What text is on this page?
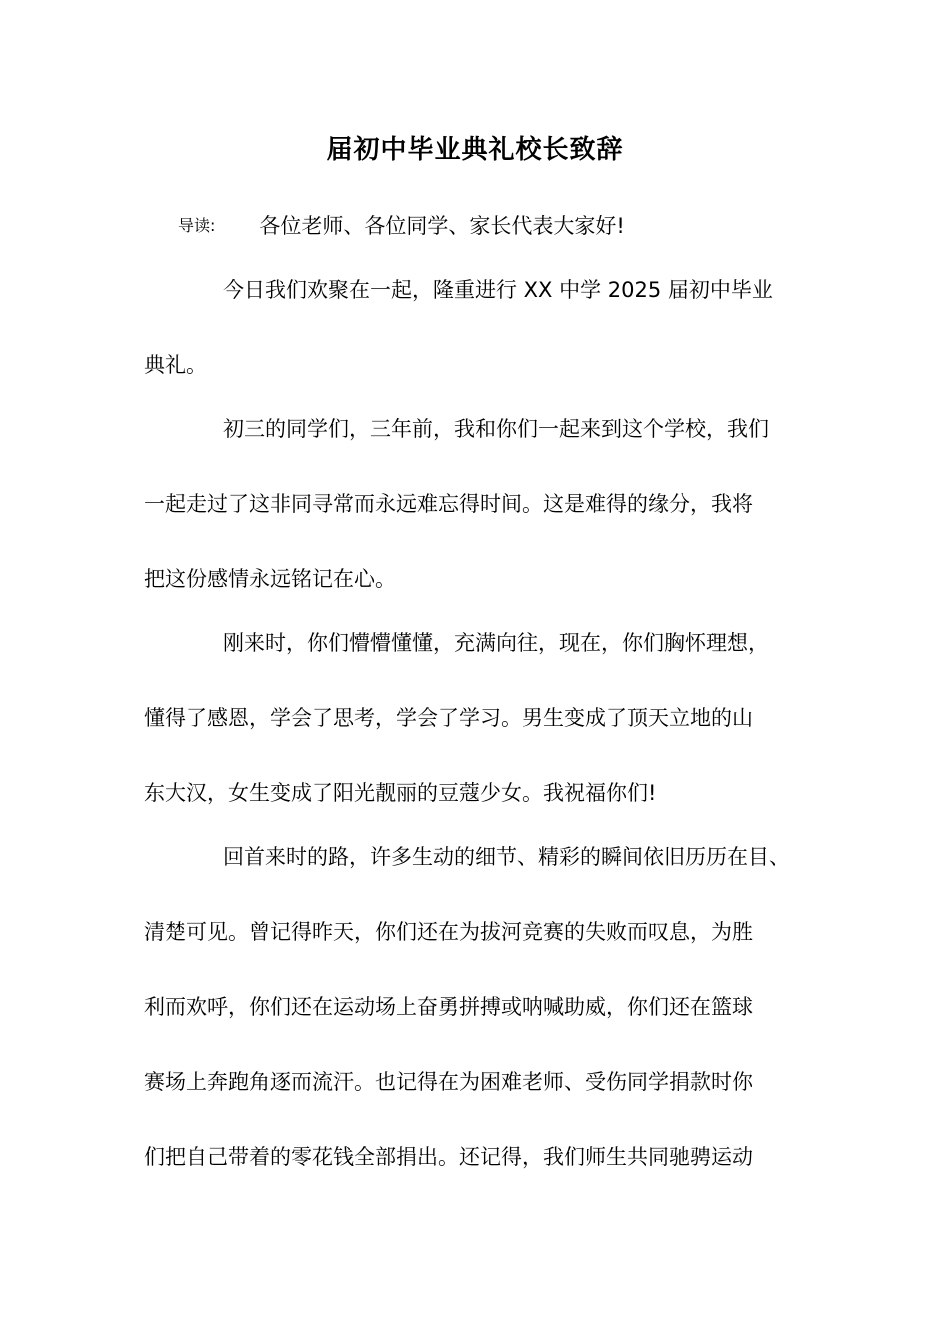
届初中毕业典礼校长致辞
导读: 各位老师、各位同学、家长代表大家好!
今日我们欢聚在一起，隆重进行 XX 中学 2025 届初中毕业
典礼。
初三的同学们，三年前，我和你们一起来到这个学校，我们
一起走过了这非同寻常而永远难忘得时间。这是难得的缘分，我将
把这份感情永远铭记在心。
刚来时，你们懵懵懂懂，充满向往，现在，你们胸怀理想，
懂得了感恩，学会了思考，学会了学习。男生变成了顶天立地的山
东大汉，女生变成了阳光靓丽的豆蔻少女。我祝福你们!
回首来时的路，许多生动的细节、精彩的瞬间依旧历历在目、
清楚可见。曾记得昨天，你们还在为拔河竞赛的失败而叹息，为胜
利而欢呼，你们还在运动场上奋勇拼搏或呐喊助威，你们还在篮球
赛场上奔跑角逐而流汗。也记得在为困难老师、受伤同学捐款时你
们把自己带着的零花钱全部捐出。还记得，我们师生共同驰骋运动
